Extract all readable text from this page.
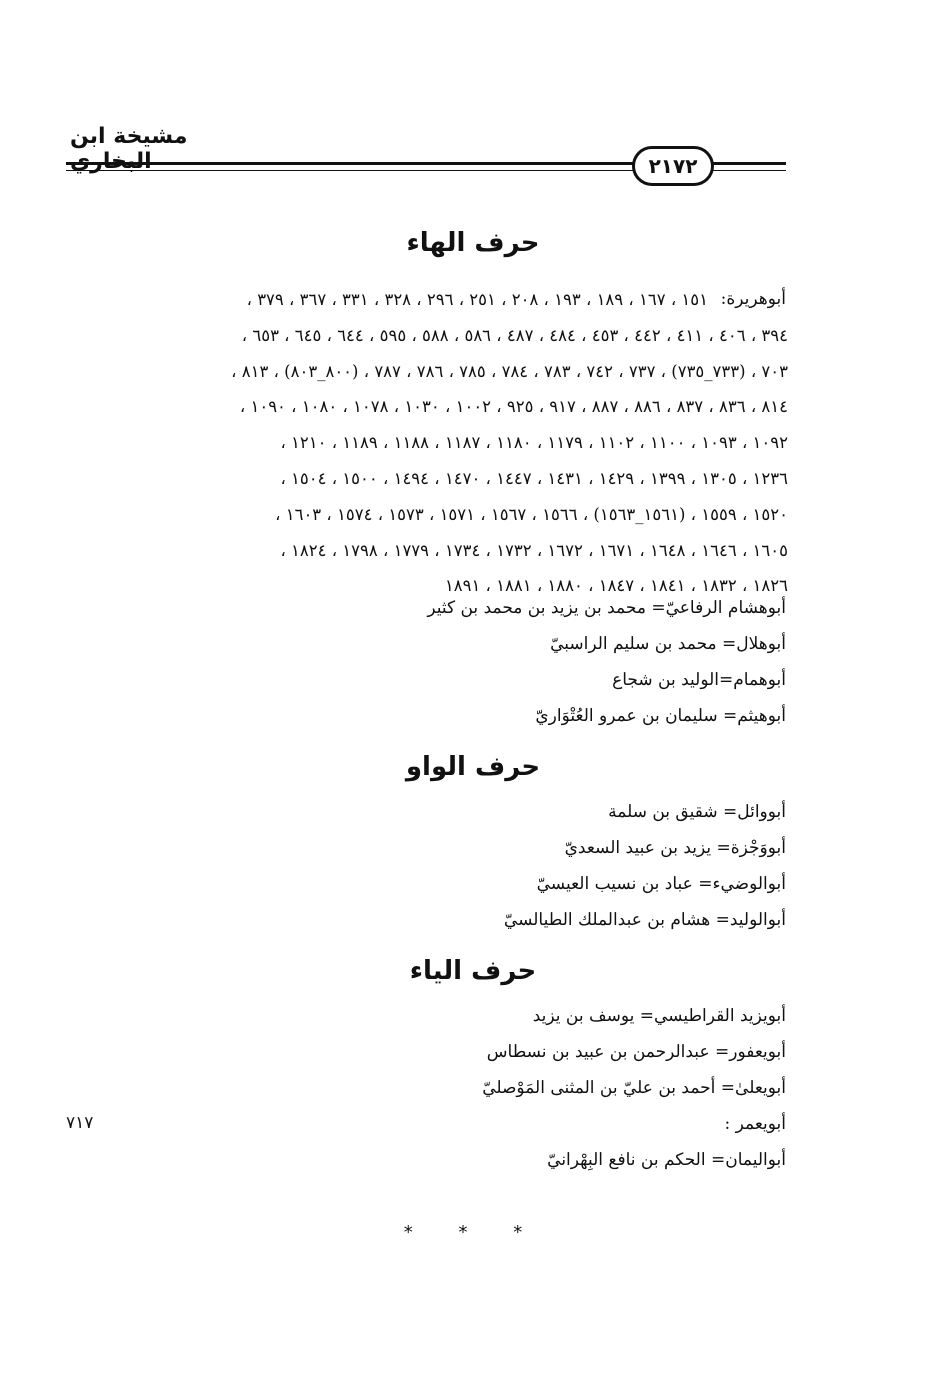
مشيخة ابن
٢١٧٢
حرف الهاء
أبوهريرة:
١٥١ ، ١٦٧ ، ١٨٩ ، ١٩٣ ، ٢٠٨ ، ٢٥١ ، ٢٩٦ ، ٣٢٨ ، ٣٣١ ، ٣٦٧ ، ٣٧٩ ،
٣٩٤ ، ٤٠٦ ، ٤١١ ، ٤٤٢ ، ٤٥٣ ، ٤٨٤ ، ٤٨٧ ، ٥٨٦ ، ٥٨٨ ، ٥٩٥ ، ٦٤٤ ، ٦٤٥ ، ٦٥٣ ،
٧٠٣ ، (٧٣٣_٧٣٥) ، ٧٣٧ ، ٧٤٢ ، ٧٨٣ ، ٧٨٤ ، ٧٨٥ ، ٧٨٦ ، ٧٨٧ ، (٨٠٠_٨٠٣) ، ٨١٣ ،
٨١٤ ، ٨٣٦ ، ٨٣٧ ، ٨٨٦ ، ٨٨٧ ، ٩١٧ ، ٩٢٥ ، ١٠٠٢ ، ١٠٣٠ ، ١٠٧٨ ، ١٠٨٠ ، ١٠٩٠ ،
١٠٩٢ ، ١٠٩٣ ، ١١٠٠ ، ١١٠٢ ، ١١٧٩ ، ١١٨٠ ، ١١٨٧ ، ١١٨٨ ، ١١٨٩ ، ١٢١٠ ،
١٢٣٦ ، ١٣٠٥ ، ١٣٩٩ ، ١٤٢٩ ، ١٤٣١ ، ١٤٤٧ ، ١٤٧٠ ، ١٤٩٤ ، ١٥٠٠ ، ١٥٠٤ ،
١٥٢٠ ، ١٥٥٩ ، (١٥٦١_١٥٦٣) ، ١٥٦٦ ، ١٥٦٧ ، ١٥٧١ ، ١٥٧٣ ، ١٥٧٤ ، ١٦٠٣ ،
١٦٠٥ ، ١٦٤٦ ، ١٦٤٨ ، ١٦٧١ ، ١٦٧٢ ، ١٧٣٢ ، ١٧٣٤ ، ١٧٧٩ ، ١٧٩٨ ، ١٨٢٤ ،
١٨٢٦ ، ١٨٣٢ ، ١٨٤١ ، ١٨٤٧ ، ١٨٨٠ ، ١٨٨١ ، ١٨٩١
أبوهشام الرفاعيّ= محمد بن يزيد بن محمد بن كثير
أبوهلال= محمد بن سليم الراسبيّ
أبوهمام=الوليد بن شجاع
أبوهيثم= سليمان بن عمرو العُتْوَاريّ
حرف الواو
أبووائل= شقيق بن سلمة
أبووَجْزة= يزيد بن عبيد السعديّ
أبوالوضيء= عباد بن نسيب العيسيّ
أبوالوليد= هشام بن عبدالملك الطيالسيّ
حرف الياء
أبويزيد القراطيسي= يوسف بن يزيد
أبويعفور= عبدالرحمن بن عبيد بن نسطاس
أبويعلىٰ= أحمد بن عليّ بن المثنى المَوْصليّ
أبويعمر :
أبواليمان= الحكم بن نافع البِهْرانيّ
٧١٧
* * *
